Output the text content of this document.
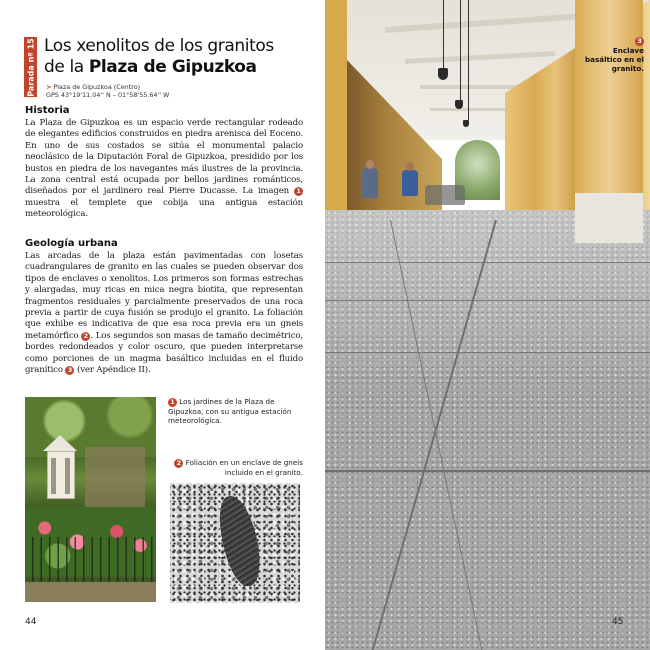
Parada nº 15 Los xenolitos de los granitos
de la Plaza de Gipuzkoa
> Plaza de Gipuzkoa (Centro)
GPS 43°19'11.04'' N – 01°58'55.64'' W
Historia
La Plaza de Gipuzkoa es un espacio verde rectangular rodeado de elegantes edificios construidos en piedra arenisca del Eoceno. En uno de sus costados se sitúa el monumental palacio neoclásico de la Diputación Foral de Gipuzkoa, presidido por los bustos en piedra de los navegantes más ilustres de la provincia. La zona central está ocupada por bellos jardines románticos, diseñados por el jardinero real Pierre Ducasse. La imagen 1 muestra el templete que cobija una antigua estación meteorológica.
Geología urbana
Las arcadas de la plaza están pavimentadas con losetas cuadrangulares de granito en las cuales se pueden observar dos tipos de enclaves o xenolitos. Los primeros son formas estrechas y alargadas, muy ricas en mica negra biotita, que representan fragmentos residuales y parcialmente preservados de una roca previa a partir de cuya fusión se produjo el granito. La foliación que exhibe es indicativa de que esa roca previa era un gneis metamórfico 2 . Los segundos son masas de tamaño decimétrico, bordes redondeados y color oscuro, que pueden interpretarse como porciones de un magma basáltico incluidas en el fluido granítico 3 (ver Apéndice II).
1 Los jardines de la Plaza de Gipuzkoa, con su antigua estación meteorológica.
2 Foliación en un enclave de gneis incluido en el granito.
44
3
Enclave basáltico en el granito.
45
